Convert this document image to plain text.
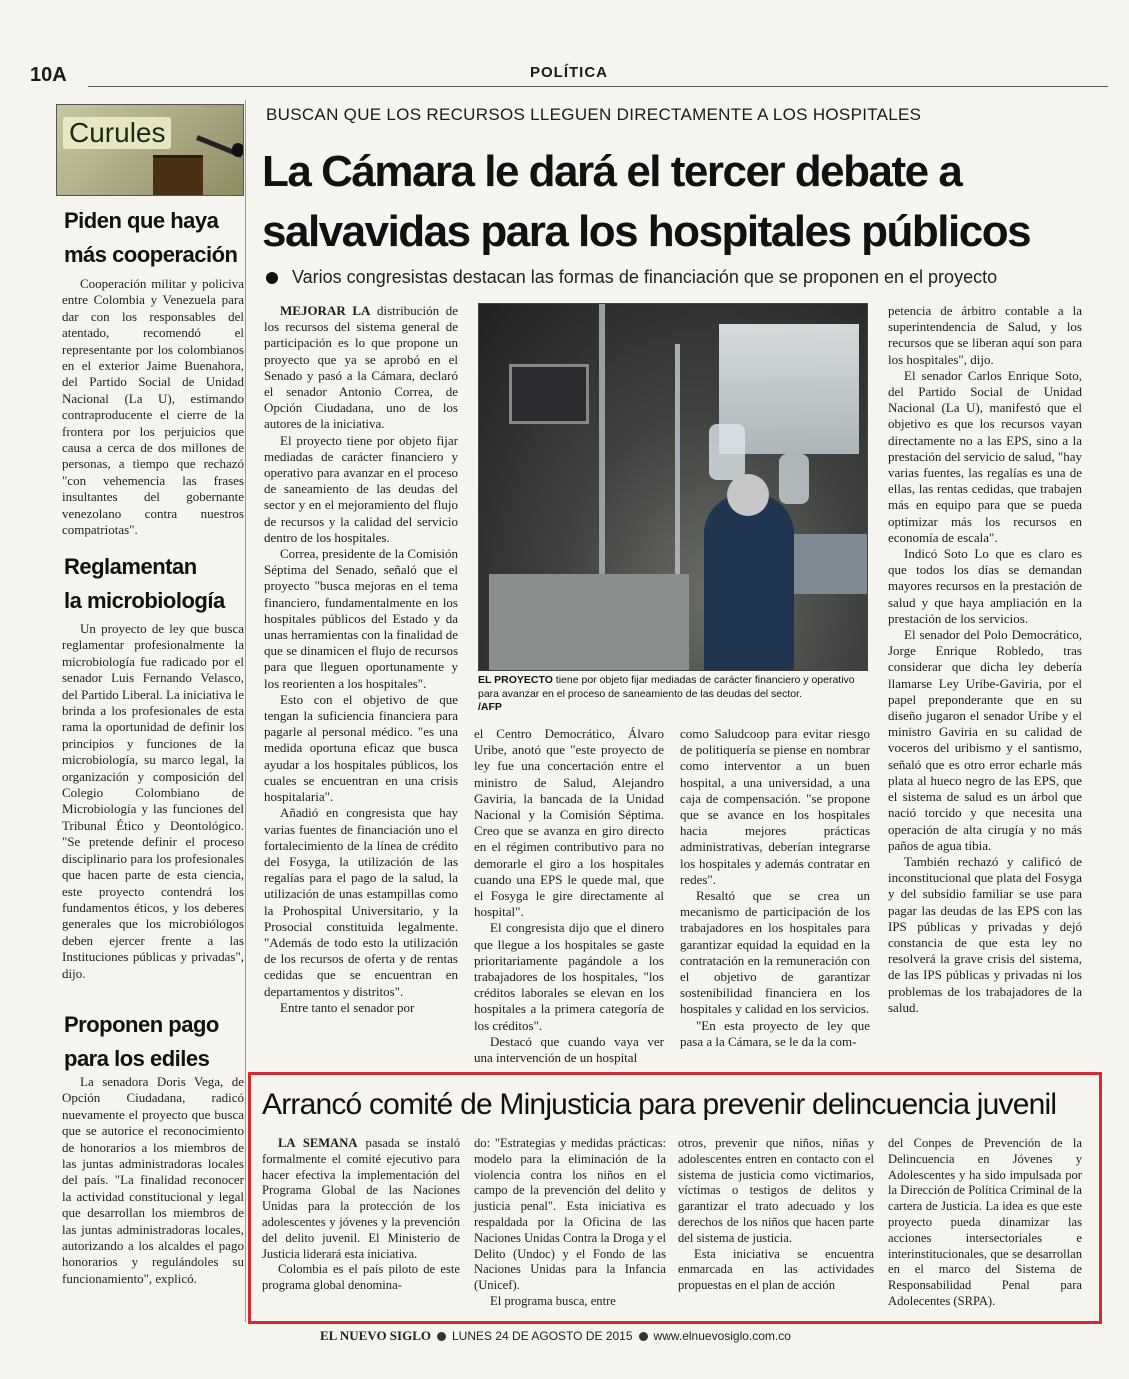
10A	POLÍTICA
Curules
Piden que haya
más cooperación
Cooperación militar y policiva entre Colombia y Venezuela para dar con los responsables del atentado, recomendó el representante por los colombianos en el exterior Jaime Buenahora, del Partido Social de Unidad Nacional (La U), estimando contraproducente el cierre de la frontera por los perjuicios que causa a cerca de dos millones de personas, a tiempo que rechazó "con vehemencia las frases insultantes del gobernante venezolano contra nuestros compatriotas".
Reglamentan
la microbiología
Un proyecto de ley que busca reglamentar profesionalmente la microbiología fue radicado por el senador Luis Fernando Velasco, del Partido Liberal. La iniciativa le brinda a los profesionales de esta rama la oportunidad de definir los principios y funciones de la microbiología, su marco legal, la organización y composición del Colegio Colombiano de Microbiología y las funciones del Tribunal Ético y Deontológico. "Se pretende definir el proceso disciplinario para los profesionales que hacen parte de esta ciencia, este proyecto contendrá los fundamentos éticos, y los deberes generales que los microbiólogos deben ejercer frente a las Instituciones públicas y privadas", dijo.
Proponen pago
para los ediles
La senadora Doris Vega, de Opción Ciudadana, radicó nuevamente el proyecto que busca que se autorice el reconocimiento de honorarios a los miembros de las juntas administradoras locales del país. "La finalidad reconocer la actividad constitucional y legal que desarrollan los miembros de las juntas administradoras locales, autorizando a los alcaldes el pago honorarios y regulándoles su funcionamiento", explicó.
BUSCAN QUE LOS RECURSOS LLEGUEN DIRECTAMENTE A LOS HOSPITALES
La Cámara le dará el tercer debate a
salvavidas para los hospitales públicos
Varios congresistas destacan las formas de financiación que se proponen en el proyecto

MEJORAR LA distribución de los recursos del sistema general de participación es lo que propone un proyecto que ya se aprobó en el Senado y pasó a la Cámara, declaró el senador Antonio Correa, de Opción Ciudadana, uno de los autores de la iniciativa.

El proyecto tiene por objeto fijar mediadas de carácter financiero y operativo para avanzar en el proceso de saneamiento de las deudas del sector y en el mejoramiento del flujo de recursos y la calidad del servicio dentro de los hospitales.

Correa, presidente de la Comisión Séptima del Senado, señaló que el proyecto "busca mejoras en el tema financiero, fundamentalmente en los hospitales públicos del Estado y da unas herramientas con la finalidad de que se dinamicen el flujo de recursos para que lleguen oportunamente y los reorienten a los hospitales".

Esto con el objetivo de que tengan la suficiencia financiera para pagarle al personal médico. "es una medida oportuna eficaz que busca ayudar a los hospitales públicos, los cuales se encuentran en una crisis hospitalaria".

Añadió en congresista que hay varias fuentes de financiación uno el fortalecimiento de la línea de crédito del Fosyga, la utilización de las regalías para el pago de la salud, la utilización de unas estampillas como la Prohospital Universitario, y la Prosocial constituida legalmente. "Además de todo esto la utilización de los recursos de oferta y de rentas cedidas que se encuentran en departamentos y distritos".

Entre tanto el senador por

EL PROYECTO tiene por objeto fijar mediadas de carácter financiero y operativo para avanzar en el proceso de saneamiento de las deudas del sector.
/AFP

el Centro Democrático, Álvaro Uribe, anotó que "este proyecto de ley fue una concertación entre el ministro de Salud, Alejandro Gaviria, la bancada de la Unidad Nacional y la Comisión Séptima. Creo que se avanza en giro directo en el régimen contributivo para no demorarle el giro a los hospitales cuando una EPS le quede mal, que el Fosyga le gire directamente al hospital".

El congresista dijo que el dinero que llegue a los hospitales se gaste prioritariamente pagándole a los trabajadores de los hospitales, "los créditos laborales se elevan en los hospitales a la primera categoría de los créditos".

Destacó que cuando vaya ver una intervención de un hospital

como Saludcoop para evitar riesgo de politiquería se piense en nombrar como interventor a un buen hospital, a una universidad, a una caja de compensación. "se propone que se avance en los hospitales hacia mejores prácticas administrativas, deberían integrarse los hospitales y además contratar en redes".

Resaltó que se crea un mecanismo de participación de los trabajadores en los hospitales para garantizar equidad la equidad en la contratación en la remuneración con el objetivo de garantizar sostenibilidad financiera en los hospitales y calidad en los servicios.

"En esta proyecto de ley que pasa a la Cámara, se le da la com-

petencia de árbitro contable a la superintendencia de Salud, y los recursos que se liberan aquí son para los hospitales", dijo.

El senador Carlos Enrique Soto, del Partido Social de Unidad Nacional (La U), manifestó que el objetivo es que los recursos vayan directamente no a las EPS, sino a la prestación del servicio de salud, "hay varias fuentes, las regalías es una de ellas, las rentas cedidas, que trabajen más en equipo para que se pueda optimizar más los recursos en economía de escala".

Indicó Soto Lo que es claro es que todos los días se demandan mayores recursos en la prestación de salud y que haya ampliación en la prestación de los servicios.

El senador del Polo Democrático, Jorge Enrique Robledo, tras considerar que dicha ley debería llamarse Ley Uribe-Gaviria, por el papel preponderante que en su diseño jugaron el senador Uribe y el ministro Gaviria en su calidad de voceros del uribismo y el santismo, señaló que es otro error echarle más plata al hueco negro de las EPS, que el sistema de salud es un árbol que nació torcido y que necesita una operación de alta cirugía y no más paños de agua tibia.

También rechazó y calificó de inconstitucional que plata del Fosyga y del subsidio familiar se use para pagar las deudas de las EPS con las IPS públicas y privadas y dejó constancia de que esta ley no resolverá la grave crisis del sistema, de las IPS públicas y privadas ni los problemas de los trabajadores de la salud.

Arrancó comité de Minjusticia para prevenir delincuencia juvenil

LA SEMANA pasada se instaló formalmente el comité ejecutivo para hacer efectiva la implementación del Programa Global de las Naciones Unidas para la protección de los adolescentes y jóvenes y la prevención del delito juvenil. El Ministerio de Justicia liderará esta iniciativa.

Colombia es el país piloto de este programa global denomina-

do: "Estrategias y medidas prácticas: modelo para la eliminación de la violencia contra los niños en el campo de la prevención del delito y justicia penal". Esta iniciativa es respaldada por la Oficina de las Naciones Unidas Contra la Droga y el Delito (Undoc) y el Fondo de las Naciones Unidas para la Infancia (Unicef).

El programa busca, entre

otros, prevenir que niños, niñas y adolescentes entren en contacto con el sistema de justicia como victimarios, víctimas o testigos de delitos y garantizar el trato adecuado y los derechos de los niños que hacen parte del sistema de justicia.

Esta iniciativa se encuentra enmarcada en las actividades propuestas en el plan de acción

del Conpes de Prevención de la Delincuencia en Jóvenes y Adolescentes y ha sido impulsada por la Dirección de Política Criminal de la cartera de Justicia. La idea es que este proyecto pueda dinamizar las acciones intersectoriales e interinstitucionales, que se desarrollan en el marco del Sistema de Responsabilidad Penal para Adolecentes (SRPA).

EL NUEVO SIGLO LUNES 24 DE AGOSTO DE 2015 www.elnuevosiglo.com.co
